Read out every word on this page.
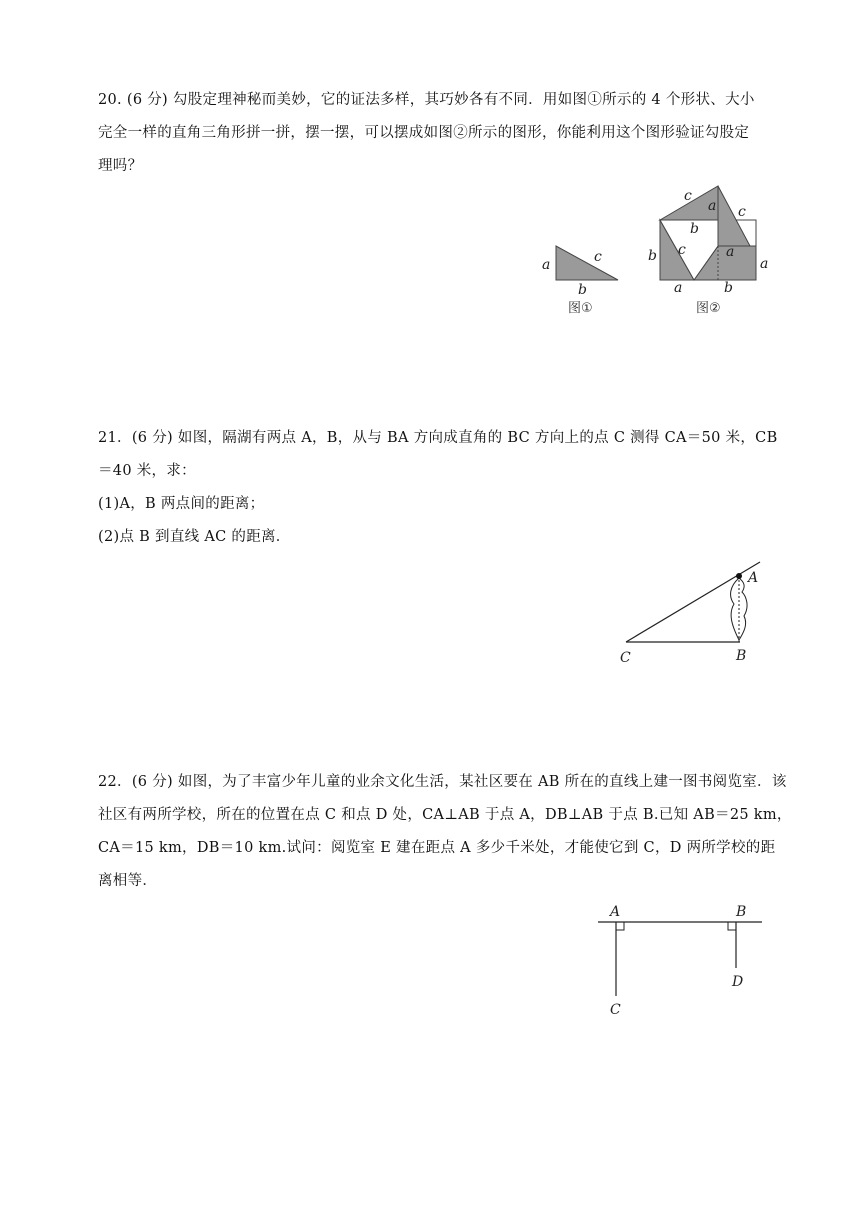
20. (6 分) 勾股定理神秘而美妙，它的证法多样，其巧妙各有不同．用如图①所示的 4 个形状、大小
完全一样的直角三角形拼一拼，摆一摆，可以摆成如图②所示的图形，你能利用这个图形验证勾股定
理吗？
a	c
b
图①
c
a c
b
c
b	a
a
a	b
图②
21．(6 分) 如图，隔湖有两点 A，B，从与 BA 方向成直角的 BC 方向上的点 C 测得 CA＝50 米，CB
＝40 米，求：
(1)A，B 两点间的距离；
(2)点 B 到直线 AC 的距离．
A
B
C
22．(6 分) 如图，为了丰富少年儿童的业余文化生活，某社区要在 AB 所在的直线上建一图书阅览室．该
社区有两所学校，所在的位置在点 C 和点 D 处，CA⊥AB 于点 A，DB⊥AB 于点 B.已知 AB＝25 km，
CA＝15 km，DB＝10 km.试问：阅览室 E 建在距点 A 多少千米处，才能使它到 C，D 两所学校的距
离相等．
A	B
C
D
